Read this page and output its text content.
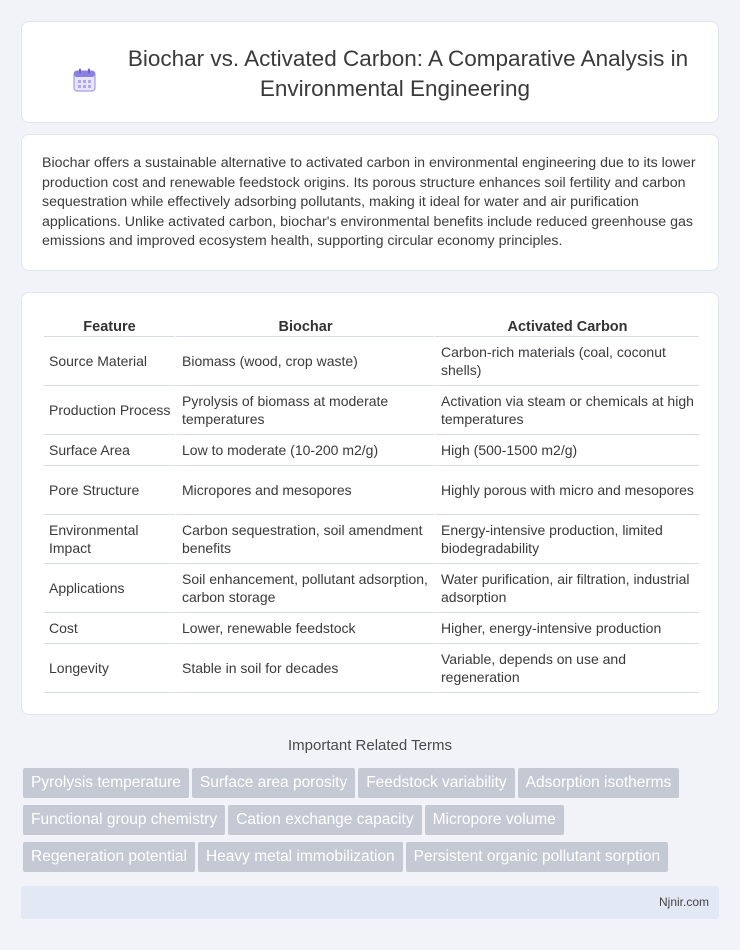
Biochar vs. Activated Carbon: A Comparative Analysis in Environmental Engineering

Biochar offers a sustainable alternative to activated carbon in environmental engineering due to its lower production cost and renewable feedstock origins. Its porous structure enhances soil fertility and carbon sequestration while effectively adsorbing pollutants, making it ideal for water and air purification applications. Unlike activated carbon, biochar's environmental benefits include reduced greenhouse gas emissions and improved ecosystem health, supporting circular economy principles.

Feature	Biochar	Activated Carbon
Source Material	Biomass (wood, crop waste)	Carbon-rich materials (coal, coconut shells)
Production Process	Pyrolysis of biomass at moderate temperatures	Activation via steam or chemicals at high temperatures
Surface Area	Low to moderate (10-200 m2/g)	High (500-1500 m2/g)
Pore Structure	Micropores and mesopores	Highly porous with micro and mesopores
Environmental Impact	Carbon sequestration, soil amendment benefits	Energy-intensive production, limited biodegradability
Applications	Soil enhancement, pollutant adsorption, carbon storage	Water purification, air filtration, industrial adsorption
Cost	Lower, renewable feedstock	Higher, energy-intensive production
Longevity	Stable in soil for decades	Variable, depends on use and regeneration
Important Related Terms
Pyrolysis temperature Surface area porosity Feedstock variability Adsorption isotherms
Functional group chemistry Cation exchange capacity Micropore volume
Regeneration potential Heavy metal immobilization Persistent organic pollutant sorption
Njnir.com
